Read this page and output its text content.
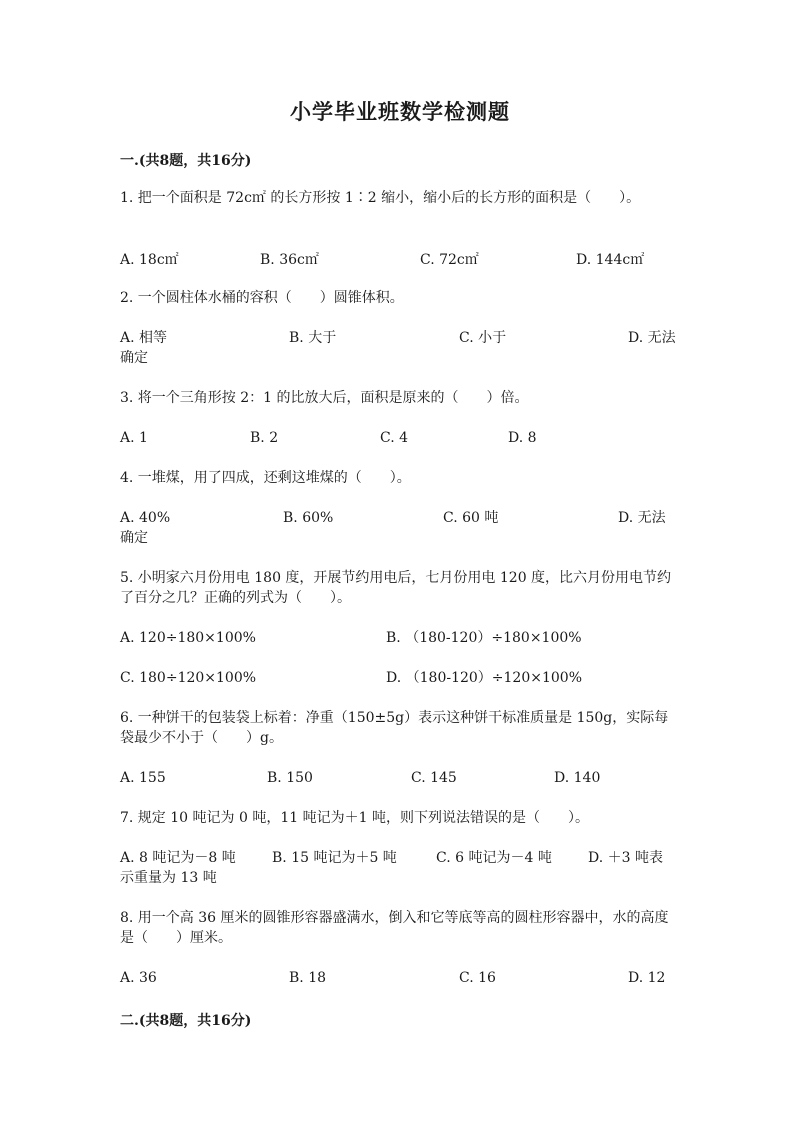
小学毕业班数学检测题
一.(共8题，共16分)
1. 把一个面积是 72c㎡ 的长方形按 1∶2 缩小，缩小后的长方形的面积是（　　）。
A. 18c㎡	B. 36c㎡	C. 72c㎡	D. 144c㎡
2. 一个圆柱体水桶的容积（　　）圆锥体积。
A. 相等	B. 大于	C. 小于	D. 无法
确定
3. 将一个三角形按 2：1 的比放大后，面积是原来的（　　）倍。
A. 1	B. 2	C. 4	D. 8
4. 一堆煤，用了四成，还剩这堆煤的（　　）。
A. 40%	B. 60%	C. 60 吨	D. 无法
确定
5. 小明家六月份用电 180 度，开展节约用电后，七月份用电 120 度，比六月份用电节约了百分之几？正确的列式为（　　）。
A. 120÷180×100%	B. （180-120）÷180×100%
C. 180÷120×100%	D. （180-120）÷120×100%
6. 一种饼干的包装袋上标着：净重（150±5g）表示这种饼干标准质量是 150g，实际每袋最少不小于（　　）g。
A. 155	B. 150	C. 145	D. 140
7. 规定 10 吨记为 0 吨，11 吨记为＋1 吨，则下列说法错误的是（　　）。
A. 8 吨记为－8 吨	B. 15 吨记为＋5 吨	C. 6 吨记为－4 吨	D. ＋3 吨表
示重量为 13 吨
8. 用一个高 36 厘米的圆锥形容器盛满水，倒入和它等底等高的圆柱形容器中，水的高度是（　　）厘米。
A. 36	B. 18	C. 16	D. 12
二.(共8题，共16分)
